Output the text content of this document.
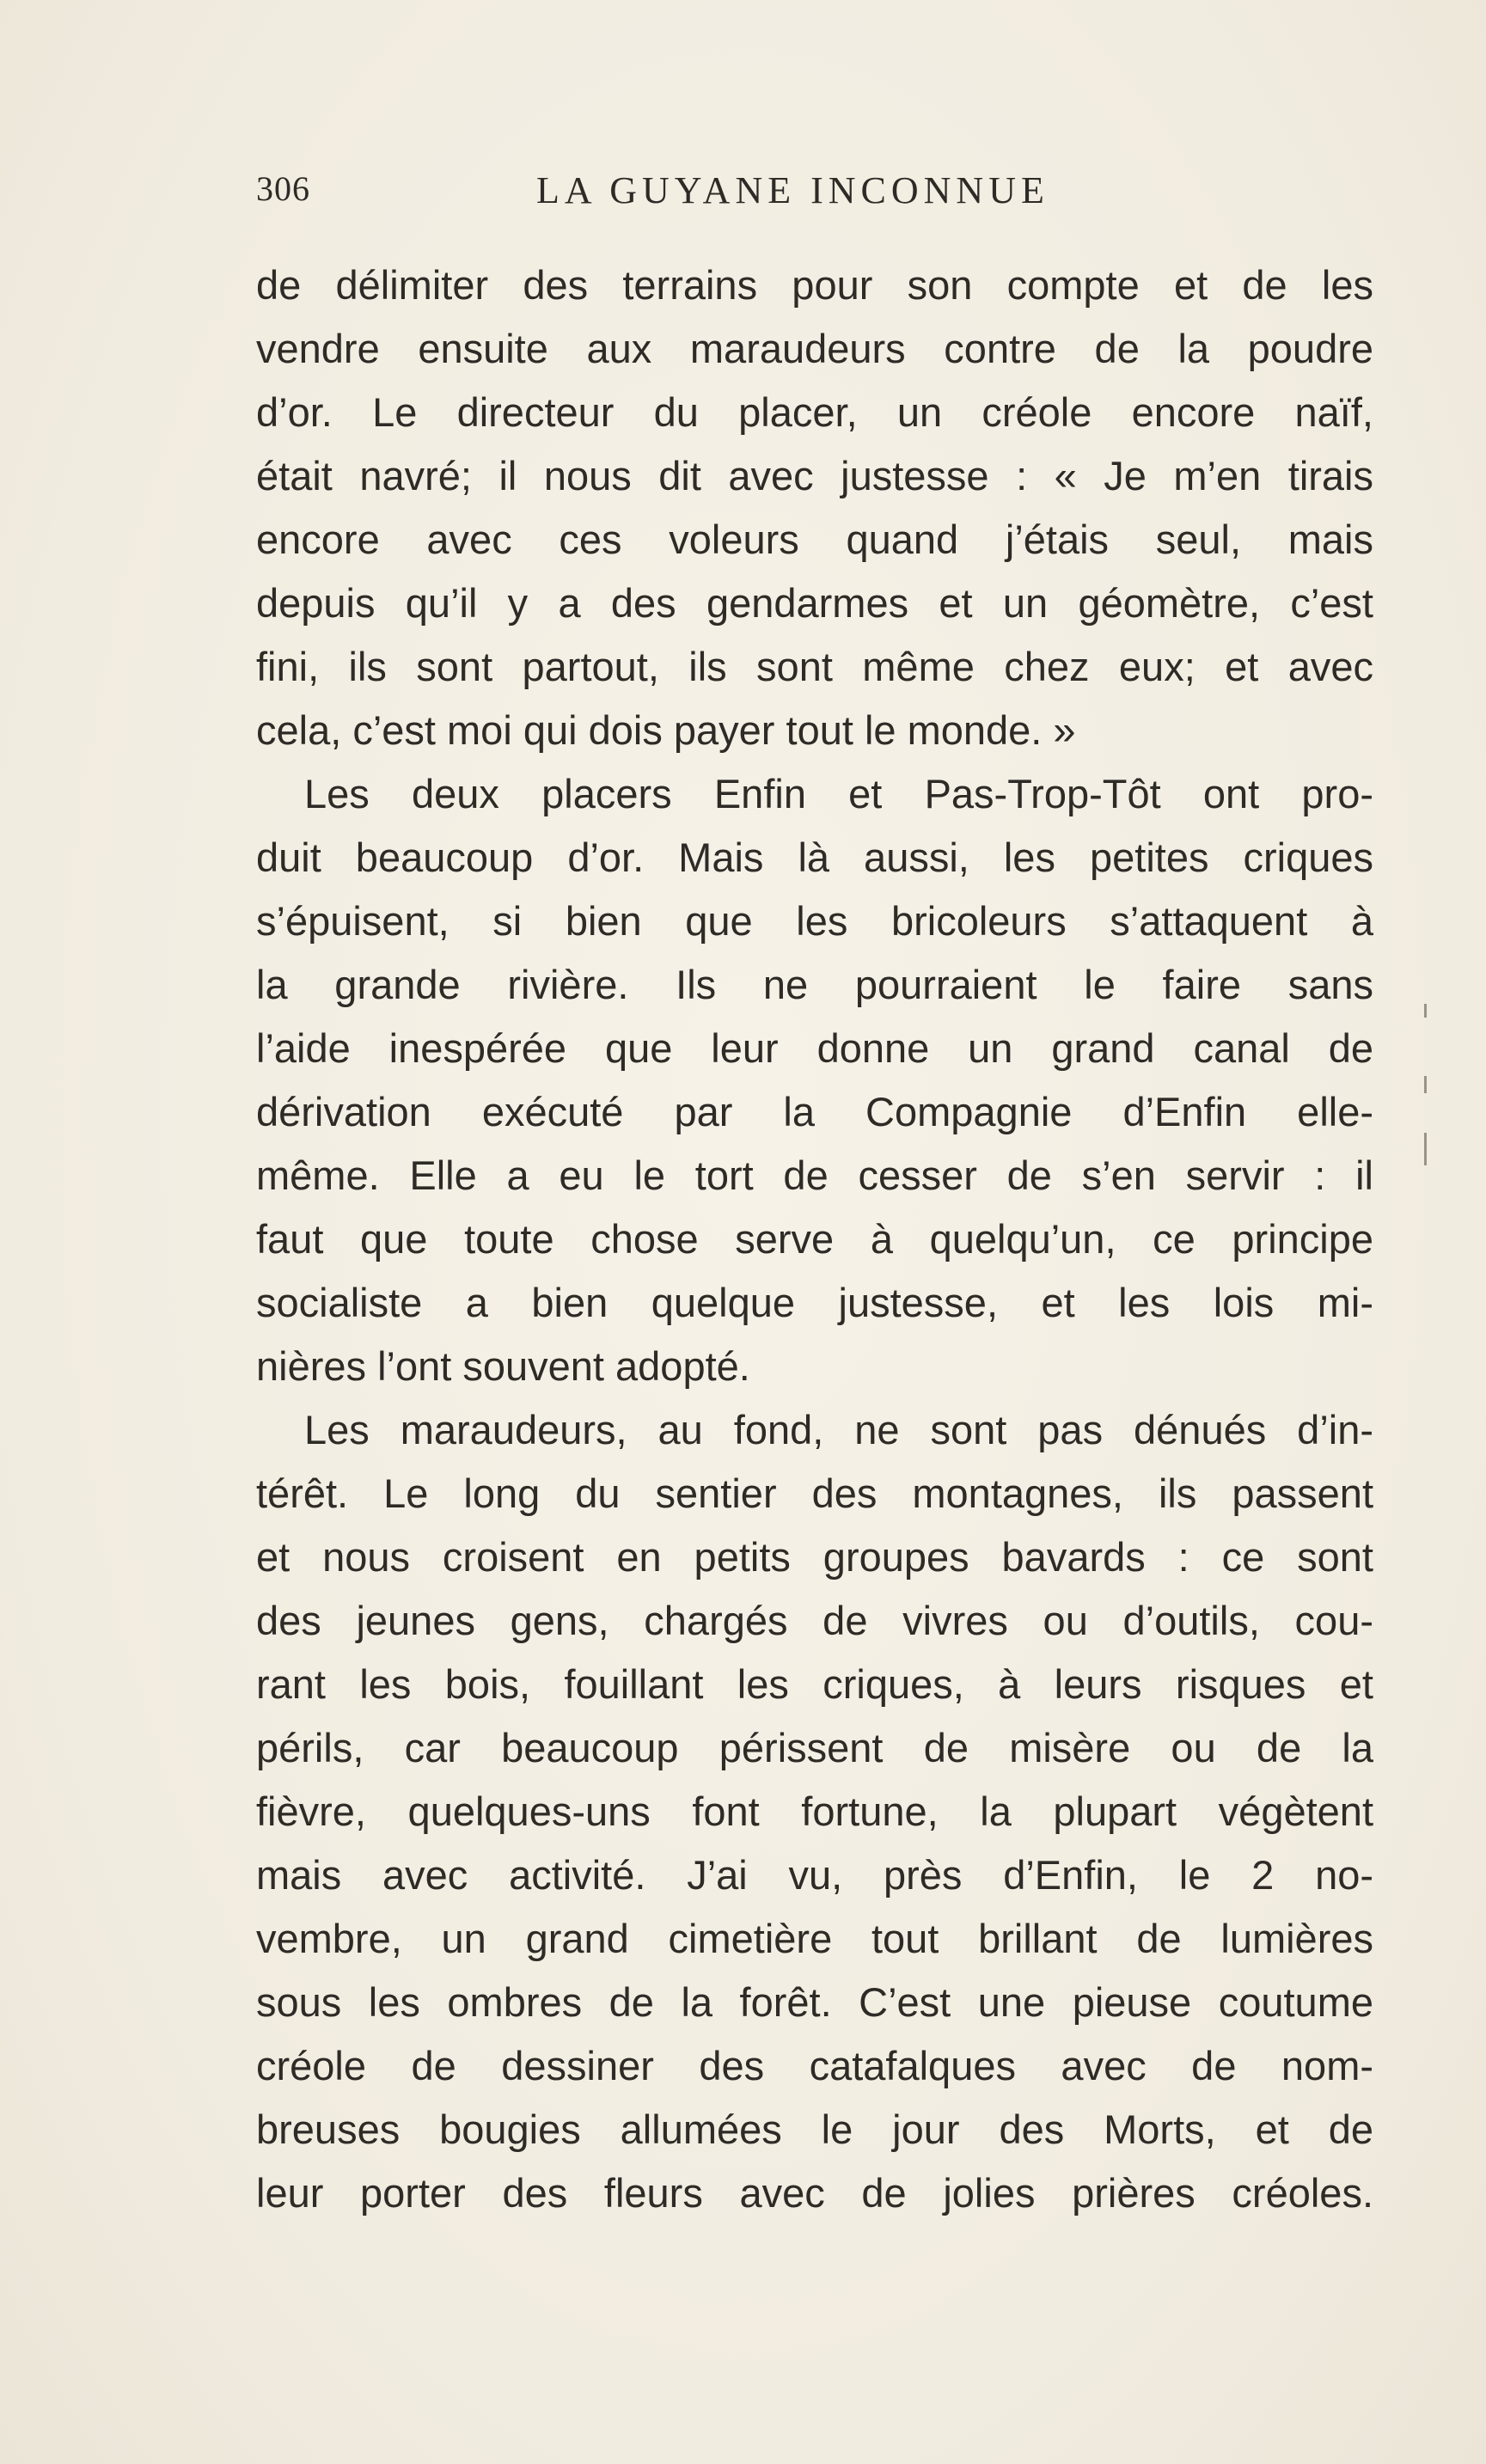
306	LA GUYANE INCONNUE
de délimiter des terrains pour son compte et de les
vendre ensuite aux maraudeurs contre de la poudre
d’or. Le directeur du placer, un créole encore naïf,
était navré; il nous dit avec justesse : « Je m’en tirais
encore avec ces voleurs quand j’étais seul, mais
depuis qu’il y a des gendarmes et un géomètre, c’est
fini, ils sont partout, ils sont même chez eux; et avec
cela, c’est moi qui dois payer tout le monde. »
Les deux placers Enfin et Pas-Trop-Tôt ont pro-
duit beaucoup d’or. Mais là aussi, les petites criques
s’épuisent, si bien que les bricoleurs s’attaquent à
la grande rivière. Ils ne pourraient le faire sans
l’aide inespérée que leur donne un grand canal de
dérivation exécuté par la Compagnie d’Enfin elle-
même. Elle a eu le tort de cesser de s’en servir : il
faut que toute chose serve à quelqu’un, ce principe
socialiste a bien quelque justesse, et les lois mi-
nières l’ont souvent adopté.
Les maraudeurs, au fond, ne sont pas dénués d’in-
térêt. Le long du sentier des montagnes, ils passent
et nous croisent en petits groupes bavards : ce sont
des jeunes gens, chargés de vivres ou d’outils, cou-
rant les bois, fouillant les criques, à leurs risques et
périls, car beaucoup périssent de misère ou de la
fièvre, quelques-uns font fortune, la plupart végètent
mais avec activité. J’ai vu, près d’Enfin, le 2 no-
vembre, un grand cimetière tout brillant de lumières
sous les ombres de la forêt. C’est une pieuse coutume
créole de dessiner des catafalques avec de nom-
breuses bougies allumées le jour des Morts, et de
leur porter des fleurs avec de jolies prières créoles.
